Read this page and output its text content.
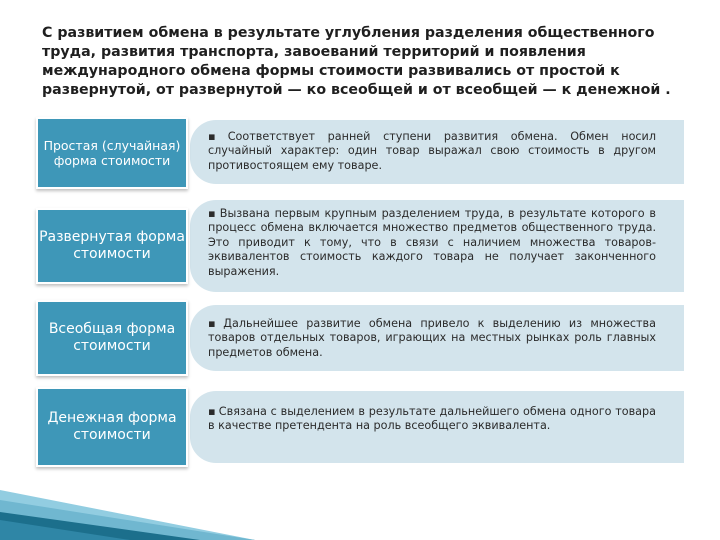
С развитием обмена в результате углубления разделения общественного труда, развития транспорта, завоеваний территорий и появления международного обмена формы стоимости развивались от простой к развернутой, от развернутой — ко всеобщей и от всеобщей — к денежной .
▪ Соответствует ранней ступени развития обмена. Обмен носил случайный характер: один товар выражал свою стоимость в другом противостоящем ему товаре.
Простая (случайная) форма стоимости
▪ Вызвана первым крупным разделением труда, в результате которого в процесс обмена включается множество предметов общественного труда. Это приводит к тому, что в связи с наличием множества товаров-эквивалентов стоимость каждого товара не получает законченного выражения.
Развернутая форма стоимости
▪ Дальнейшее развитие обмена привело к выделению из множества товаров отдельных товаров, играющих на местных рынках роль главных предметов обмена.
Всеобщая форма стоимости
▪ Связана с выделением в результате дальнейшего обмена одного товара в качестве претендента на роль всеобщего эквивалента.
Денежная форма стоимости
